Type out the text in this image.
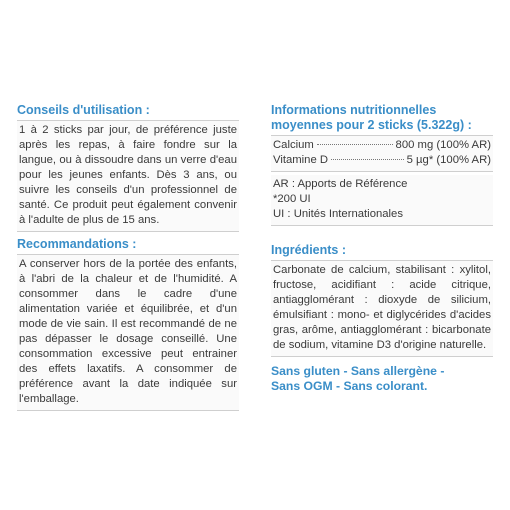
Conseils d'utilisation :
1 à 2 sticks par jour, de préférence juste après les repas, à faire fondre sur la langue, ou à dissoudre dans un verre d'eau pour les jeunes enfants. Dès 3 ans, ou suivre les conseils d'un professionnel de santé. Ce produit peut également convenir à l'adulte de plus de 15 ans.
Recommandations :
A conserver hors de la portée des enfants, à l'abri de la chaleur et de l'humidité. A consommer dans le cadre d'une alimentation variée et équilibrée, et d'un mode de vie sain. Il est recommandé de ne pas dépasser le dosage conseillé. Une consommation excessive peut entrainer des effets laxatifs. A consommer de préférence avant la date indiquée sur l'emballage.
Informations nutritionnelles
moyennes pour 2 sticks (5.322g) :
Calcium	800 mg (100% AR)
Vitamine D	5 µg* (100% AR)
AR : Apports de Référence
*200 UI
UI : Unités Internationales
Ingrédients :
Carbonate de calcium, stabilisant : xylitol, fructose, acidifiant : acide citrique, antiagglomérant : dioxyde de silicium, émulsifiant : mono- et diglycérides d'acides gras, arôme, antiagglomérant : bicarbonate de sodium, vitamine D3 d'origine naturelle.
Sans gluten - Sans allergène -
Sans OGM - Sans colorant.
